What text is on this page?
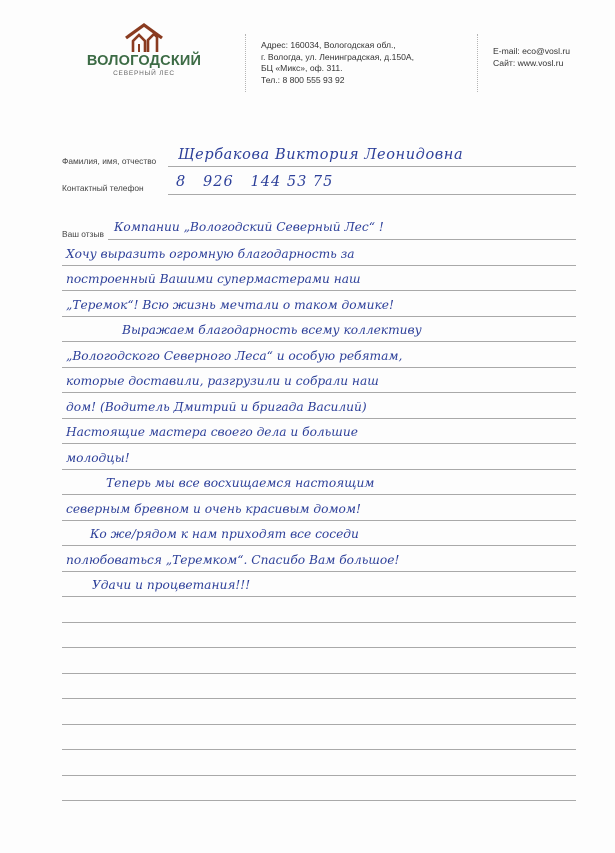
ВОЛОГОДСКИЙ
СЕВЕРНЫЙ ЛЕС
Адрес: 160034, Вологодская обл.,
г. Вологда, ул. Ленинградская, д.150А,
БЦ «Микс», оф. 311.
Тел.: 8 800 555 93 92
E-mail: eco@vosl.ru
Сайт: www.vosl.ru
Фамилия, имя, отчество Щербакова Виктория Леонидовна
Контактный телефон 8   926   144 53 75
Ваш отзыв Компании „Вологодский Северный Лес“ !
Хочу выразить огромную благодарность за
построенный Вашими супермастерами наш
„Теремок“! Всю жизнь мечтали о таком домике!
Выражаем благодарность всему коллективу
„Вологодского Северного Леса“ и особую ребятам,
которые доставили, разгрузили и собрали наш
дом! (Водитель Дмитрий и бригада Василий)
Настоящие мастера своего дела и большие
молодцы!
Теперь мы все восхищаемся настоящим
северным бревном и очень красивым домом!
Ко же/рядом к нам приходят все соседи
полюбоваться „Теремком“. Спасибо Вам большое!
Удачи и процветания!!!
